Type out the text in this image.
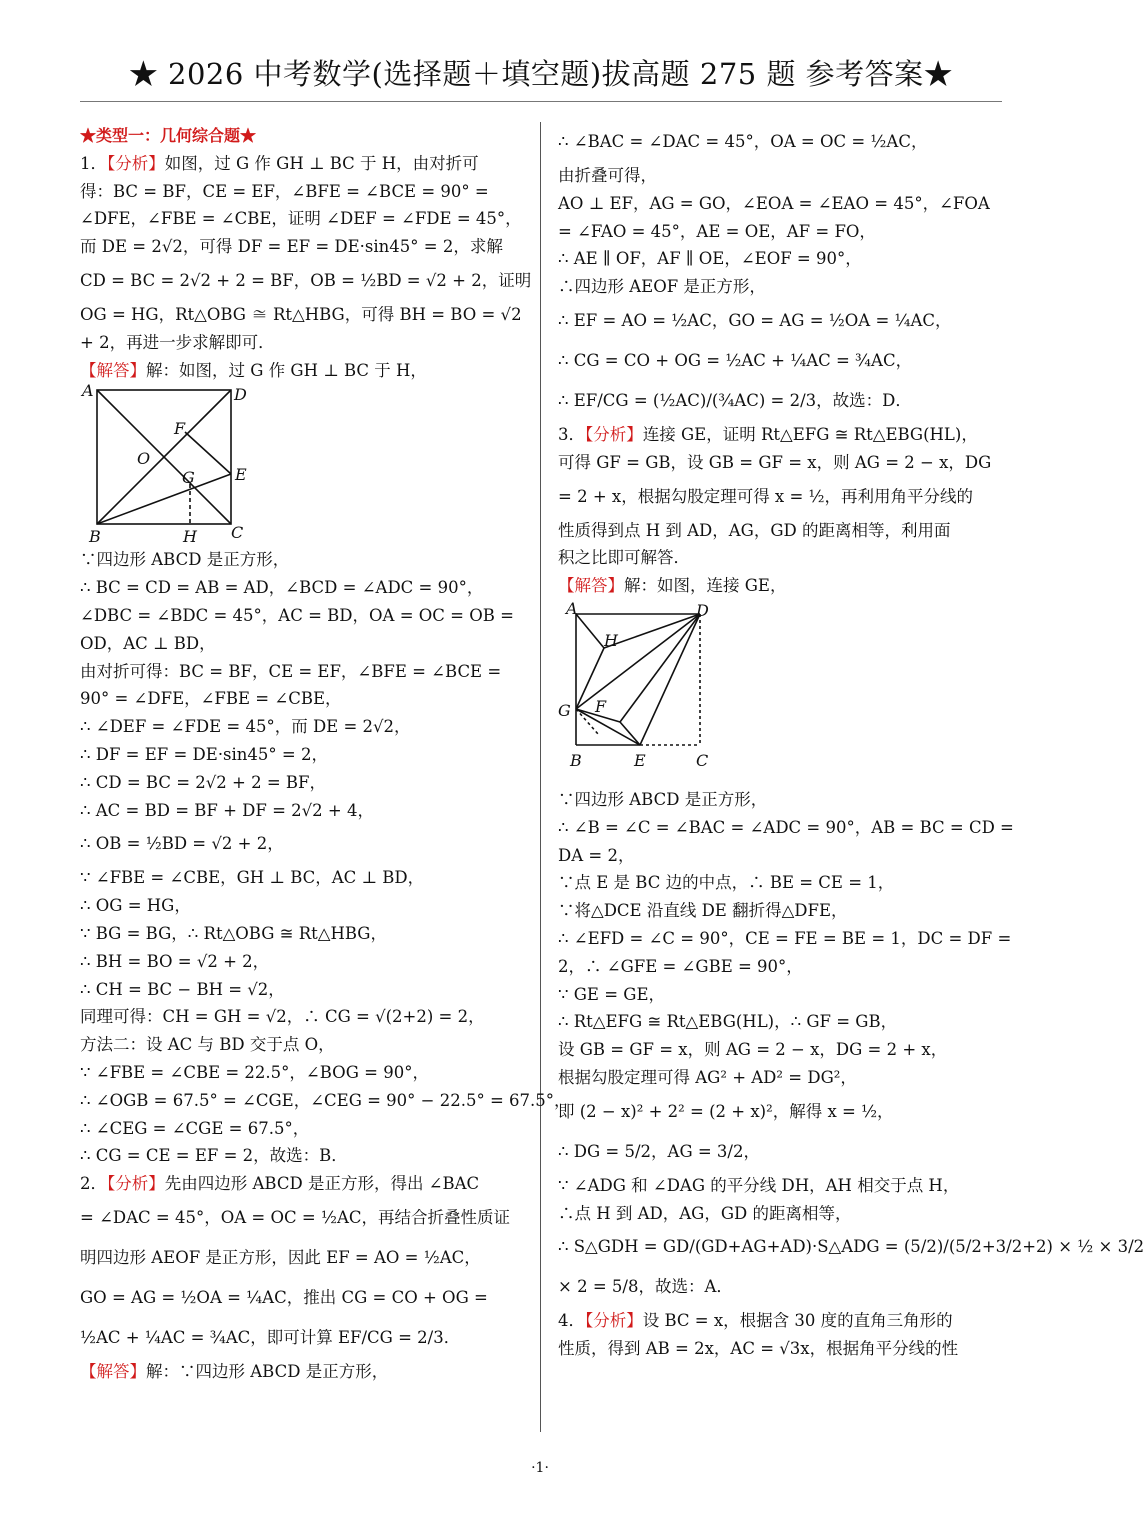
★ 2026 中考数学(选择题＋填空题)拔高题 275 题 参考答案★
★类型一：几何综合题★
1．【分析】如图，过 G 作 GH ⊥ BC 于 H，由对折可
得：BC = BF，CE = EF，∠BFE = ∠BCE = 90° =
∠DFE，∠FBE = ∠CBE，证明 ∠DEF = ∠FDE = 45°，
而 DE = 2√2，可得 DF = EF = DE·sin45° = 2，求解
CD = BC = 2√2 + 2 = BF，OB = ½BD = √2 + 2，证明
OG = HG，Rt△OBG ≅ Rt△HBG，可得 BH = BO = √2
+ 2，再进一步求解即可．
【解答】解：如图，过 G 作 GH ⊥ BC 于 H，
A	D
F
O
G	E
B	H C
∵四边形 ABCD 是正方形，
∴ BC = CD = AB = AD，∠BCD = ∠ADC = 90°，
∠DBC = ∠BDC = 45°，AC = BD，OA = OC = OB =
OD，AC ⊥ BD，
由对折可得：BC = BF，CE = EF，∠BFE = ∠BCE =
90° = ∠DFE，∠FBE = ∠CBE，
∴ ∠DEF = ∠FDE = 45°，而 DE = 2√2，
∴ DF = EF = DE·sin45° = 2，
∴ CD = BC = 2√2 + 2 = BF，
∴ AC = BD = BF + DF = 2√2 + 4，
∴ OB = ½BD = √2 + 2，
∵ ∠FBE = ∠CBE，GH ⊥ BC，AC ⊥ BD，
∴ OG = HG，
∵ BG = BG，∴ Rt△OBG ≅ Rt△HBG，
∴ BH = BO = √2 + 2，
∴ CH = BC − BH = √2，
同理可得：CH = GH = √2，∴ CG = √(2+2) = 2，
方法二：设 AC 与 BD 交于点 O，
∵ ∠FBE = ∠CBE = 22.5°，∠BOG = 90°，
∴ ∠OGB = 67.5° = ∠CGE，∠CEG = 90° − 22.5° = 67.5°，
∴ ∠CEG = ∠CGE = 67.5°，
∴ CG = CE = EF = 2，故选：B．
2．【分析】先由四边形 ABCD 是正方形，得出 ∠BAC
= ∠DAC = 45°，OA = OC = ½AC，再结合折叠性质证
明四边形 AEOF 是正方形，因此 EF = AO = ½AC，
GO = AG = ½OA = ¼AC，推出 CG = CO + OG =
½AC + ¼AC = ¾AC，即可计算 EF/CG = 2/3．
【解答】解：∵四边形 ABCD 是正方形，
∴ ∠BAC = ∠DAC = 45°，OA = OC = ½AC，
由折叠可得，
AO ⊥ EF，AG = GO，∠EOA = ∠EAO = 45°，∠FOA
= ∠FAO = 45°，AE = OE，AF = FO，
∴ AE ∥ OF，AF ∥ OE，∠EOF = 90°，
∴四边形 AEOF 是正方形，
∴ EF = AO = ½AC，GO = AG = ½OA = ¼AC，
∴ CG = CO + OG = ½AC + ¼AC = ¾AC，
∴ EF/CG = (½AC)/(¾AC) = 2/3，故选：D．
3．【分析】连接 GE，证明 Rt△EFG ≅ Rt△EBG(HL)，
可得 GF = GB，设 GB = GF = x，则 AG = 2 − x，DG
= 2 + x，根据勾股定理可得 x = ½，再利用角平分线的
性质得到点 H 到 AD，AG，GD 的距离相等，利用面
积之比即可解答．
【解答】解：如图，连接 GE，
A	D
H
G F
B	E	C
∵四边形 ABCD 是正方形，
∴ ∠B = ∠C = ∠BAC = ∠ADC = 90°，AB = BC = CD =
DA = 2，
∵点 E 是 BC 边的中点，∴ BE = CE = 1，
∵将△DCE 沿直线 DE 翻折得△DFE，
∴ ∠EFD = ∠C = 90°，CE = FE = BE = 1，DC = DF =
2，∴ ∠GFE = ∠GBE = 90°，
∵ GE = GE，
∴ Rt△EFG ≅ Rt△EBG(HL)，∴ GF = GB，
设 GB = GF = x，则 AG = 2 − x，DG = 2 + x，
根据勾股定理可得 AG² + AD² = DG²，
即 (2 − x)² + 2² = (2 + x)²，解得 x = ½，
∴ DG = 5/2，AG = 3/2，
∵ ∠ADG 和 ∠DAG 的平分线 DH，AH 相交于点 H，
∴点 H 到 AD，AG，GD 的距离相等，
∴ S△GDH = GD/(GD+AG+AD)·S△ADG = (5/2)/(5/2+3/2+2) × ½ × 3/2
× 2 = 5/8，故选：A．
4．【分析】设 BC = x，根据含 30 度的直角三角形的
性质，得到 AB = 2x，AC = √3x，根据角平分线的性
·1·
